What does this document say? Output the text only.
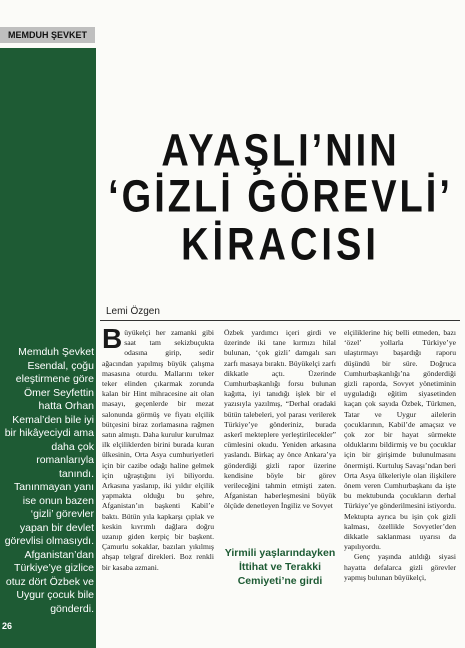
MEMDUH ŞEVKET
AYAŞLI’NIN
‘GİZLİ GÖREVLİ’
KİRACISI
Lemi Özgen
Memduh Şevket Esendal, çoğu eleştirmene göre Ömer Seyfettin hatta Orhan Kemal’den bile iyi bir hikâyeciydi ama daha çok romanlarıyla tanındı. Tanınmayan yanı ise onun bazen ‘gizli’ görevler yapan bir devlet görevlisi olmasıydı. Afganistan’dan Türkiye’ye gizlice otuz dört Özbek ve Uygur çocuk bile gönderdi.
Büyükelçi her zamanki gibi saat tam sekizbuçukta odasına girip, sedir ağacından yapılmış büyük çalışma masasına oturdu. Mallarını teker teker elinden çıkarmak zorunda kalan bir Hint mihracesine ait olan masayı, geçenlerde bir mezat salonunda görmüş ve fiyatı elçilik bütçesini biraz zorlamasına rağmen satın almıştı. Daha kurulur kurulmaz ilk elçiliklerden birini burada kuran ülkesinin, Orta Asya cumhuriyetleri için bir cazibe odağı haline gelmek için uğraştığını iyi biliyordu. Arkasına yaslanıp, iki yıldır elçilik yapmakta olduğu bu şehre, Afganistan’ın başkenti Kabil’e baktı. Bütün yıla kapkarşı çıplak ve keskin kıvrımlı dağlara doğru uzanıp giden kerpiç bir başkent. Çamurlu sokaklar, bazıları yıkılmış ahşap telgraf direkleri. Boz renkli bir kasaba azmani.
Özbek yardımcı içeri girdi ve üzerinde iki tane kırmızı hilal bulunan, ‘çok gizli’ damgalı sarı zarfı masaya bıraktı. Büyükelçi zarfı dikkatle açtı. Üzerinde Cumhurbaşkanlığı forsu bulunan kağıtta, iyi tanıdığı işlek bir el yazısıyla yazılmış, “Derhal oradaki bütün talebeleri, yol parası verilerek Türkiye’ye gönderiniz, burada askerî mekteplere yerleştirilecekler” cümlesini okudu. Yeniden arkasına yaslandı. Birkaç ay önce Ankara’ya gönderdiği gizli rapor üzerine kendisine böyle bir görev verileceğini tahmin etmişti zaten. Afganistan haberleşmesini büyük ölçüde denetleyen İngiliz ve Sovyet
Yirmili yaşlarındayken İttihat ve Terakki Cemiyeti’ne girdi
elçiliklerine hiç belli etmeden, bazı ‘özel’ yollarla Türkiye’ye ulaştırmayı başardığı raporu düşündü bir süre. Doğruca Cumhurbaşkanlığı’na gönderdiği gizli raporda, Sovyet yönetiminin uyguladığı eğitim siyasetinden kaçan çok sayıda Özbek, Türkmen, Tatar ve Uygur ailelerin çocuklarının, Kabil’de amaçsız ve çok zor bir hayat sürmekte olduklarını bildirmiş ve bu çocuklar için bir girişimde bulunulmasını önermişti. Kurtuluş Savaşı’ndan beri Orta Asya ülkeleriyle olan ilişkilere önem veren Cumhurbaşkanı da işte bu mektubunda çocukların derhal Türkiye’ye gönderilmesini istiyordu. Mektupta ayrıca bu işin çok gizli kalması, özellikle Sovyetler’den dikkatle saklanması uyarısı da yapılıyordu.

Genç yaşında atıldığı siyasi hayatta defalarca gizli görevler yapmış bulunan büyükelçi,
26
